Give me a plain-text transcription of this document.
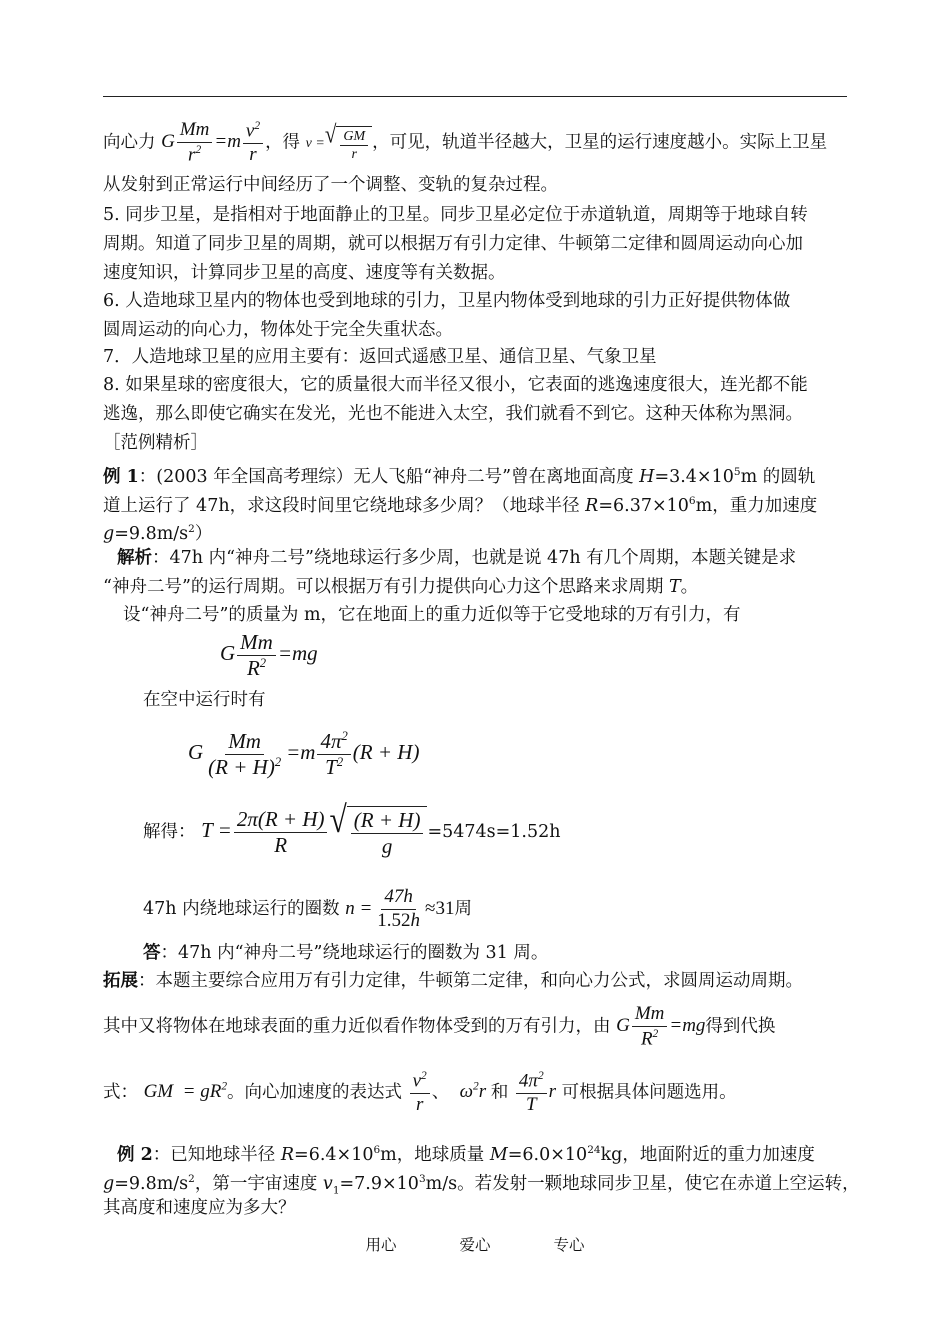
向心力 G $\frac{Mm}{r^2} =m \frac{v^2}{r}$ ，得 v = √ $\frac{GM}{r}$ ，可见，轨道半径越大，卫星的运行速度越小。实际上卫星
从发射到正常运行中间经历了一个调整、变轨的复杂过程。
5. 同步卫星，是指相对于地面静止的卫星。同步卫星必定位于赤道轨道，周期等于地球自转
周期。知道了同步卫星的周期，就可以根据万有引力定律、牛顿第二定律和圆周运动向心加
速度知识，计算同步卫星的高度、速度等有关数据。
6. 人造地球卫星内的物体也受到地球的引力，卫星内物体受到地球的引力正好提供物体做
圆周运动的向心力，物体处于完全失重状态。
7．人造地球卫星的应用主要有：返回式遥感卫星、通信卫星、气象卫星
8. 如果星球的密度很大，它的质量很大而半径又很小，它表面的逃逸速度很大，连光都不能
逃逸，那么即使它确实在发光，光也不能进入太空，我们就看不到它。这种天体称为黑洞。
［范例精析］
例 1：(2003 年全国高考理综）无人飞船“神舟二号”曾在离地面高度 $H=3.4\times 10^5m$ 的圆轨
道上运行了 47h，求这段时间里它绕地球多少周？（地球半径 $R=6.37\times 10^6m$，重力加速度
$g=9.8m/s^2$）
解析：47h 内“神舟二号”绕地球运行多少周，也就是说 47h 有几个周期，本题关键是求
“神舟二号”的运行周期。可以根据万有引力提供向心力这个思路来求周期 T。
设“神舟二号”的质量为 m，它在地面上的重力近似等于它受地球的万有引力，有
G $\frac{Mm}{R^2} =mg$
在空中运行时有
G $\frac{Mm}{(R + H)^2} =m \frac{4\pi^2}{T^2} (R + H)$
解得： $T = \frac{2\pi(R + H)}{R}$ √ $\frac{(R + H)}{g} =5474s=1.52h$
47h 内绕地球运行的圈数 $n = \frac{47h}{1.52h} \approx 31$周
答：47h 内“神舟二号”绕地球运行的圈数为 31 周。
拓展：本题主要综合应用万有引力定律，牛顿第二定律，和向心力公式，求圆周运动周期。
其中又将物体在地球表面的重力近似看作物体受到的万有引力，由 G $\frac{Mm}{R^2} =mg$得到代换
式： GM  = $gR^2$。向心加速度的表达式 $\frac{v^2}{r}$ 、  $\omega^2r$ 和 $\frac{4\pi^2}{T}$ r 可根据具体问题选用。
例 2：已知地球半径 $R=6.4\times 10^6m$，地球质量 $M=6.0\times 10^{24}kg$，地面附近的重力加速度
$g=9.8m/s^2$，第一宇宙速度 $v_1=7.9\times 10^3m/s$。若发射一颗地球同步卫星，使它在赤道上空运转，
其高度和速度应为多大？
用心	爱心	专心
